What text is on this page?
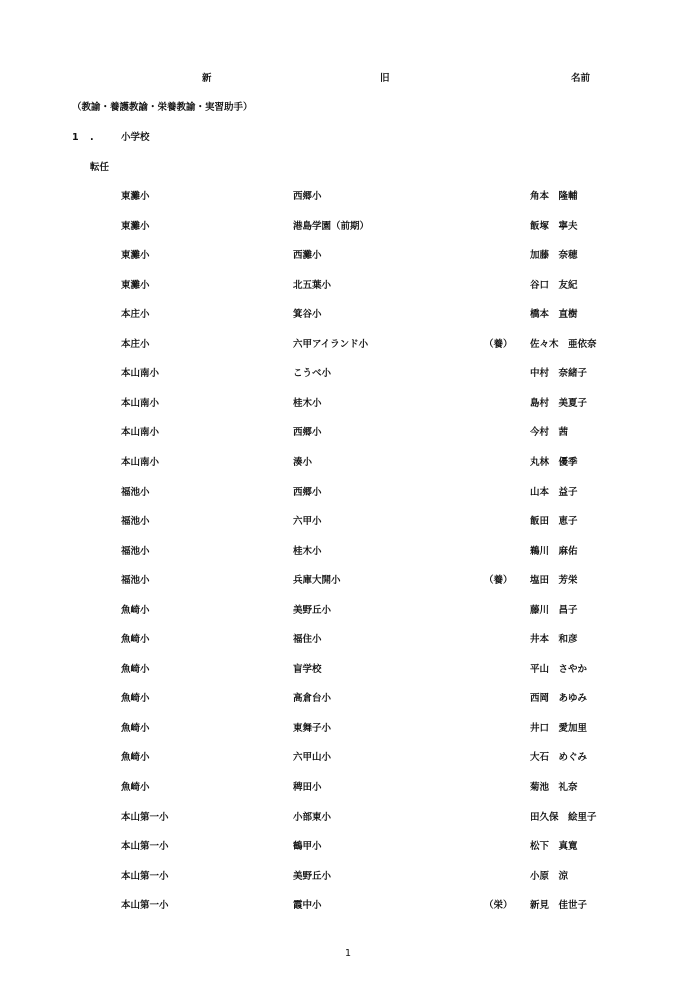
新	旧	名前
（教諭・養護教諭・栄養教諭・実習助手）
1 .	小学校
転任
東灘小	西郷小	角本　隆輔
東灘小	港島学園（前期）	飯塚　寧夫
東灘小	西灘小	加藤　奈穂
東灘小	北五葉小	谷口　友紀
本庄小	箕谷小	橋本　直樹
本庄小	六甲アイランド小	（養） 佐々木　亜依奈
本山南小	こうべ小	中村　奈緒子
本山南小	桂木小	島村　美夏子
本山南小	西郷小	今村　茜
本山南小	湊小	丸林　優季
福池小	西郷小	山本　益子
福池小	六甲小	飯田　恵子
福池小	桂木小	鵜川　麻佑
福池小	兵庫大開小	（養） 塩田　芳栄
魚崎小	美野丘小	藤川　昌子
魚崎小	福住小	井本　和彦
魚崎小	盲学校	平山　さやか
魚崎小	高倉台小	西岡　あゆみ
魚崎小	東舞子小	井口　愛加里
魚崎小	六甲山小	大石　めぐみ
魚崎小	稗田小	菊池　礼奈
本山第一小	小部東小	田久保　絵里子
本山第一小	鶴甲小	松下　真寛
本山第一小	美野丘小	小原　涼
本山第一小	霞中小	（栄） 新見　佳世子
1
